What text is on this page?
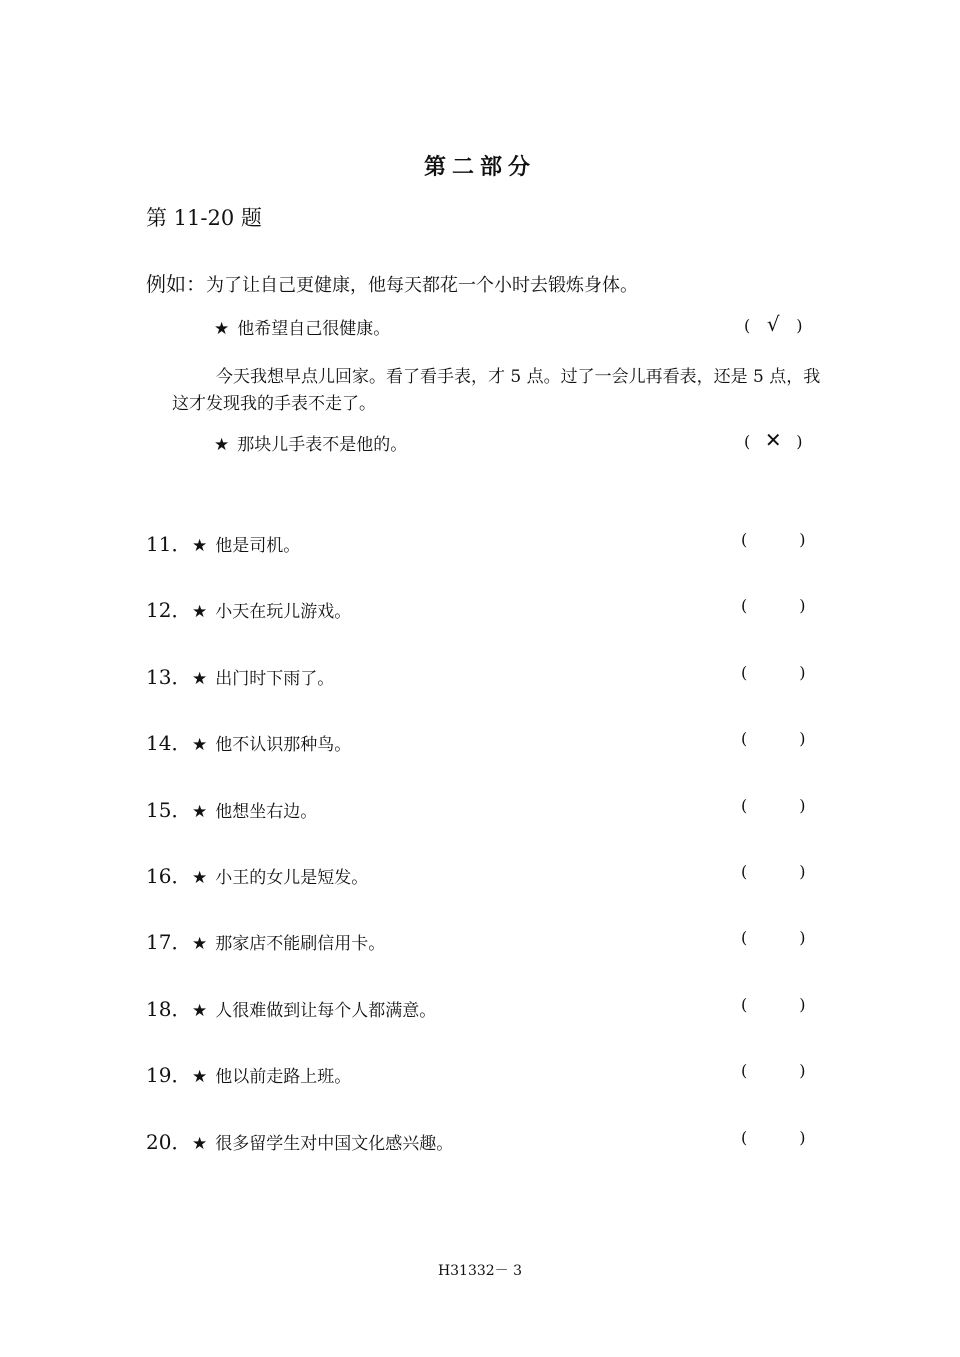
第二部分
第 11-20 题
例如：为了让自己更健康，他每天都花一个小时去锻炼身体。
★ 他希望自己很健康。	( √ )
今天我想早点儿回家。看了看手表，才 5 点。过了一会儿再看表，还是 5 点，我这才发现我的手表不走了。
★ 那块儿手表不是他的。	( ✕ )
11．★ 他是司机。	(	)
12．★ 小天在玩儿游戏。	(	)
13．★ 出门时下雨了。	(	)
14．★ 他不认识那种鸟。	(	)
15．★ 他想坐右边。	(	)
16．★ 小王的女儿是短发。	(	)
17．★ 那家店不能刷信用卡。	(	)
18．★ 人很难做到让每个人都满意。	(	)
19．★ 他以前走路上班。	(	)
20．★ 很多留学生对中国文化感兴趣。	(	)
H31332－ 3
